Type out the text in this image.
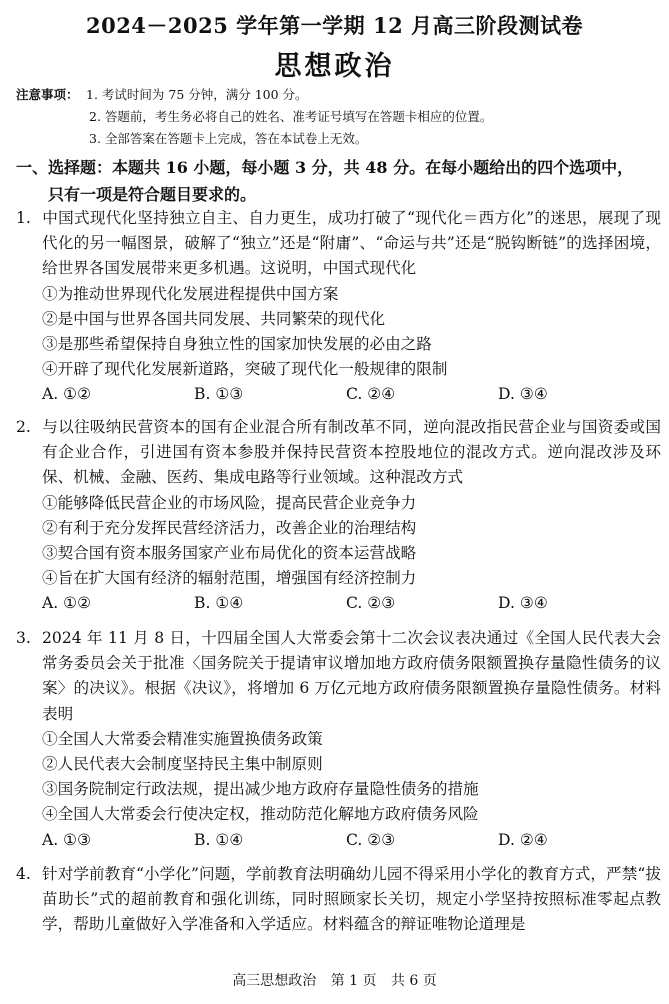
2024－2025 学年第一学期 12 月高三阶段测试卷
思想政治
注意事项： 1. 考试时间为 75 分钟，满分 100 分。
2. 答题前，考生务必将自己的姓名、准考证号填写在答题卡相应的位置。
3. 全部答案在答题卡上完成，答在本试卷上无效。
一、选择题：本题共 16 小题，每小题 3 分，共 48 分。在每小题给出的四个选项中，
只有一项是符合题目要求的。
1. 中国式现代化坚持独立自主、自力更生，成功打破了“现代化＝西方化”的迷思，展现了现代化的另一幅图景，破解了“独立”还是“附庸”、“命运与共”还是“脱钩断链”的选择困境，给世界各国发展带来更多机遇。这说明，中国式现代化
①为推动世界现代化发展进程提供中国方案
②是中国与世界各国共同发展、共同繁荣的现代化
③是那些希望保持自身独立性的国家加快发展的必由之路
④开辟了现代化发展新道路，突破了现代化一般规律的限制
A. ①②	B. ①③	C. ②④	D. ③④
2. 与以往吸纳民营资本的国有企业混合所有制改革不同，逆向混改指民营企业与国资委或国有企业合作，引进国有资本参股并保持民营资本控股地位的混改方式。逆向混改涉及环保、机械、金融、医药、集成电路等行业领域。这种混改方式
①能够降低民营企业的市场风险，提高民营企业竞争力
②有利于充分发挥民营经济活力，改善企业的治理结构
③契合国有资本服务国家产业布局优化的资本运营战略
④旨在扩大国有经济的辐射范围，增强国有经济控制力
A. ①②	B. ①④	C. ②③	D. ③④
3. 2024 年 11 月 8 日，十四届全国人大常委会第十二次会议表决通过《全国人民代表大会常务委员会关于批准〈国务院关于提请审议增加地方政府债务限额置换存量隐性债务的议案〉的决议》。根据《决议》，将增加 6 万亿元地方政府债务限额置换存量隐性债务。材料表明
①全国人大常委会精准实施置换债务政策
②人民代表大会制度坚持民主集中制原则
③国务院制定行政法规，提出减少地方政府存量隐性债务的措施
④全国人大常委会行使决定权，推动防范化解地方政府债务风险
A. ①③	B. ①④	C. ②③	D. ②④
4. 针对学前教育“小学化”问题，学前教育法明确幼儿园不得采用小学化的教育方式，严禁“拔苗助长”式的超前教育和强化训练，同时照顾家长关切，规定小学坚持按照标准零起点教学，帮助儿童做好入学准备和入学适应。材料蕴含的辩证唯物论道理是
高三思想政治 第 1 页 共 6 页
